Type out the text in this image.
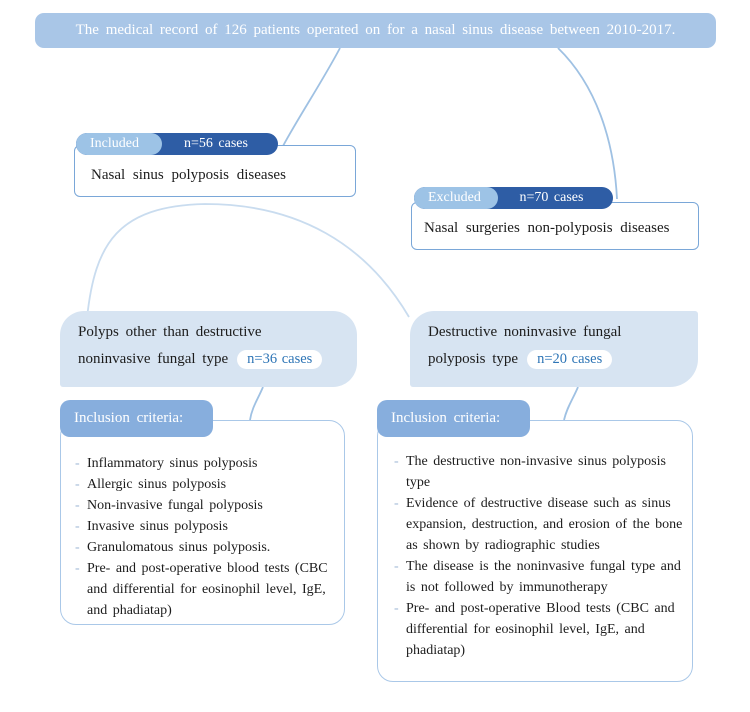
The medical record of 126 patients operated on for a nasal sinus disease between 2010-2017.
Included	n=56 cases
Nasal sinus polyposis diseases
Excluded	n=70 cases
Nasal surgeries non-polyposis diseases
Polyps other than destructive
noninvasive fungal type	n=36 cases
Destructive noninvasive fungal
polyposis type	n=20 cases
Inclusion criteria:
- Inflammatory sinus polyposis
- Allergic sinus polyposis
- Non-invasive fungal polyposis
- Invasive sinus polyposis
- Granulomatous sinus polyposis.
- Pre- and post-operative blood tests (CBC and differential for eosinophil level, IgE, and phadiatap)
Inclusion criteria:
- The destructive non-invasive sinus polyposis type
- Evidence of destructive disease such as sinus expansion, destruction, and erosion of the bone as shown by radiographic studies
- The disease is the noninvasive fungal type and is not followed by immunotherapy
- Pre- and post-operative Blood tests (CBC and differential for eosinophil level, IgE, and phadiatap)
